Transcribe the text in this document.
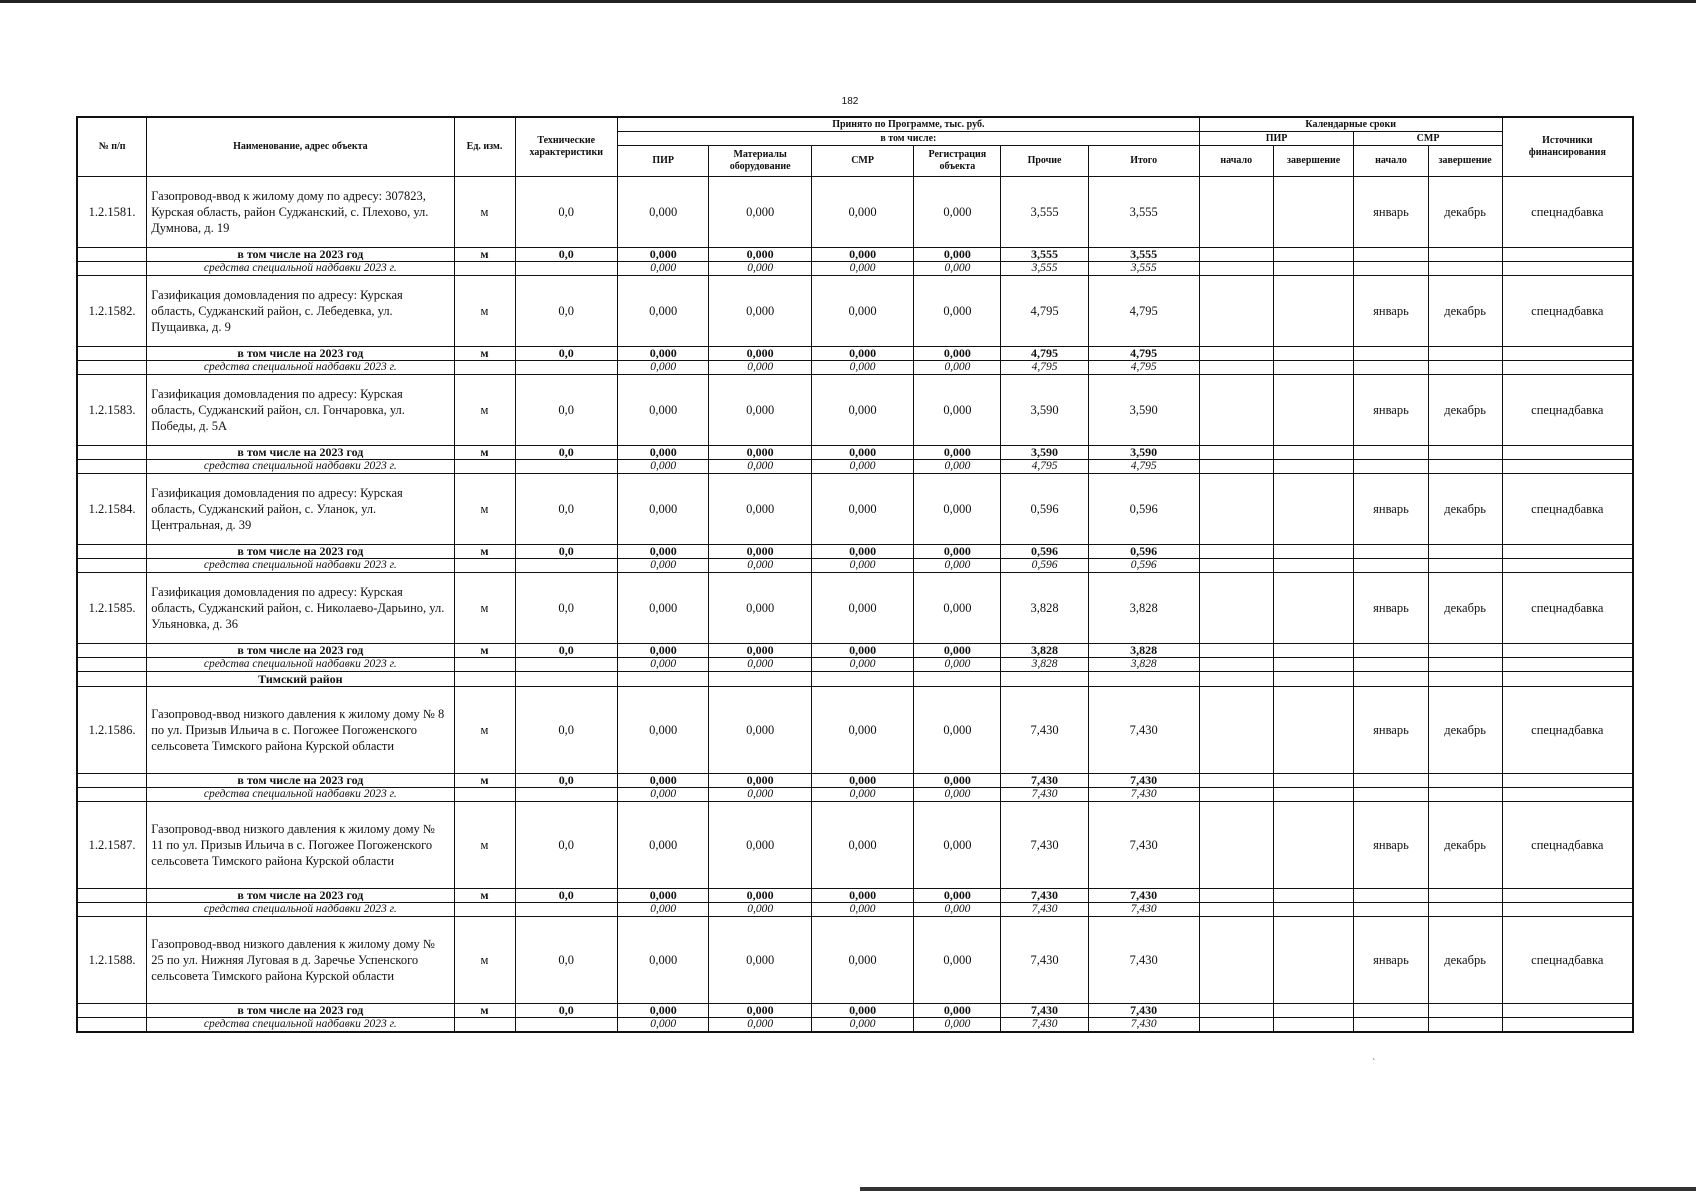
182
№ п/п	Наименование, адрес объекта	Ед. изм.	Технические характеристики	Принято по Программе, тыс. руб.						Календарные сроки				Источники финансирования
				в том числе:						ПИР		СМР		
				ПИР	Материалы оборудование	СМР	Регистрация объекта	Прочие	Итого	начало	завершение	начало	завершение	
1.2.1581.	Газопровод-ввод к жилому дому по адресу: 307823, Курская область, район Суджанский, с. Плехово, ул. Думнова, д. 19	м	0,0	0,000	0,000	0,000	0,000	3,555	3,555			январь	декабрь	спецнадбавка
	в том числе на 2023 год	м	0,0	0,000	0,000	0,000	0,000	3,555	3,555					
	средства специальной надбавки 2023 г.			0,000	0,000	0,000	0,000	3,555	3,555					
1.2.1582.	Газификация домовладения по адресу: Курская область, Суджанский район, с. Лебедевка, ул. Пущаивка, д. 9	м	0,0	0,000	0,000	0,000	0,000	4,795	4,795			январь	декабрь	спецнадбавка
	в том числе на 2023 год	м	0,0	0,000	0,000	0,000	0,000	4,795	4,795					
	средства специальной надбавки 2023 г.			0,000	0,000	0,000	0,000	4,795	4,795					
1.2.1583.	Газификация домовладения по адресу: Курская область, Суджанский район, сл. Гончаровка, ул. Победы, д. 5А	м	0,0	0,000	0,000	0,000	0,000	3,590	3,590			январь	декабрь	спецнадбавка
	в том числе на 2023 год	м	0,0	0,000	0,000	0,000	0,000	3,590	3,590					
	средства специальной надбавки 2023 г.			0,000	0,000	0,000	0,000	4,795	4,795					
1.2.1584.	Газификация домовладения по адресу: Курская область, Суджанский район, с. Уланок, ул. Центральная, д. 39	м	0,0	0,000	0,000	0,000	0,000	0,596	0,596			январь	декабрь	спецнадбавка
	в том числе на 2023 год	м	0,0	0,000	0,000	0,000	0,000	0,596	0,596					
	средства специальной надбавки 2023 г.			0,000	0,000	0,000	0,000	0,596	0,596					
1.2.1585.	Газификация домовладения по адресу: Курская область, Суджанский район, с. Николаево-Дарьино, ул. Ульяновка, д. 36	м	0,0	0,000	0,000	0,000	0,000	3,828	3,828			январь	декабрь	спецнадбавка
	в том числе на 2023 год	м	0,0	0,000	0,000	0,000	0,000	3,828	3,828					
	средства специальной надбавки 2023 г.			0,000	0,000	0,000	0,000	3,828	3,828					
	Тимский район													
1.2.1586.	Газопровод-ввод низкого давления к жилому дому № 8 по ул. Призыв Ильича в с. Погожее Погоженского сельсовета Тимского района Курской области	м	0,0	0,000	0,000	0,000	0,000	7,430	7,430			январь	декабрь	спецнадбавка
	в том числе на 2023 год	м	0,0	0,000	0,000	0,000	0,000	7,430	7,430					
	средства специальной надбавки 2023 г.			0,000	0,000	0,000	0,000	7,430	7,430					
1.2.1587.	Газопровод-ввод низкого давления к жилому дому № 11 по ул. Призыв Ильича в с. Погожее Погоженского сельсовета Тимского района Курской области	м	0,0	0,000	0,000	0,000	0,000	7,430	7,430			январь	декабрь	спецнадбавка
	в том числе на 2023 год	м	0,0	0,000	0,000	0,000	0,000	7,430	7,430					
	средства специальной надбавки 2023 г.			0,000	0,000	0,000	0,000	7,430	7,430					
1.2.1588.	Газопровод-ввод низкого давления к жилому дому № 25 по ул. Нижняя Луговая в д. Заречье Успенского сельсовета Тимского района Курской области	м	0,0	0,000	0,000	0,000	0,000	7,430	7,430			январь	декабрь	спецнадбавка
	в том числе на 2023 год	м	0,0	0,000	0,000	0,000	0,000	7,430	7,430					
	средства специальной надбавки 2023 г.			0,000	0,000	0,000	0,000	7,430	7,430					
ˋ
